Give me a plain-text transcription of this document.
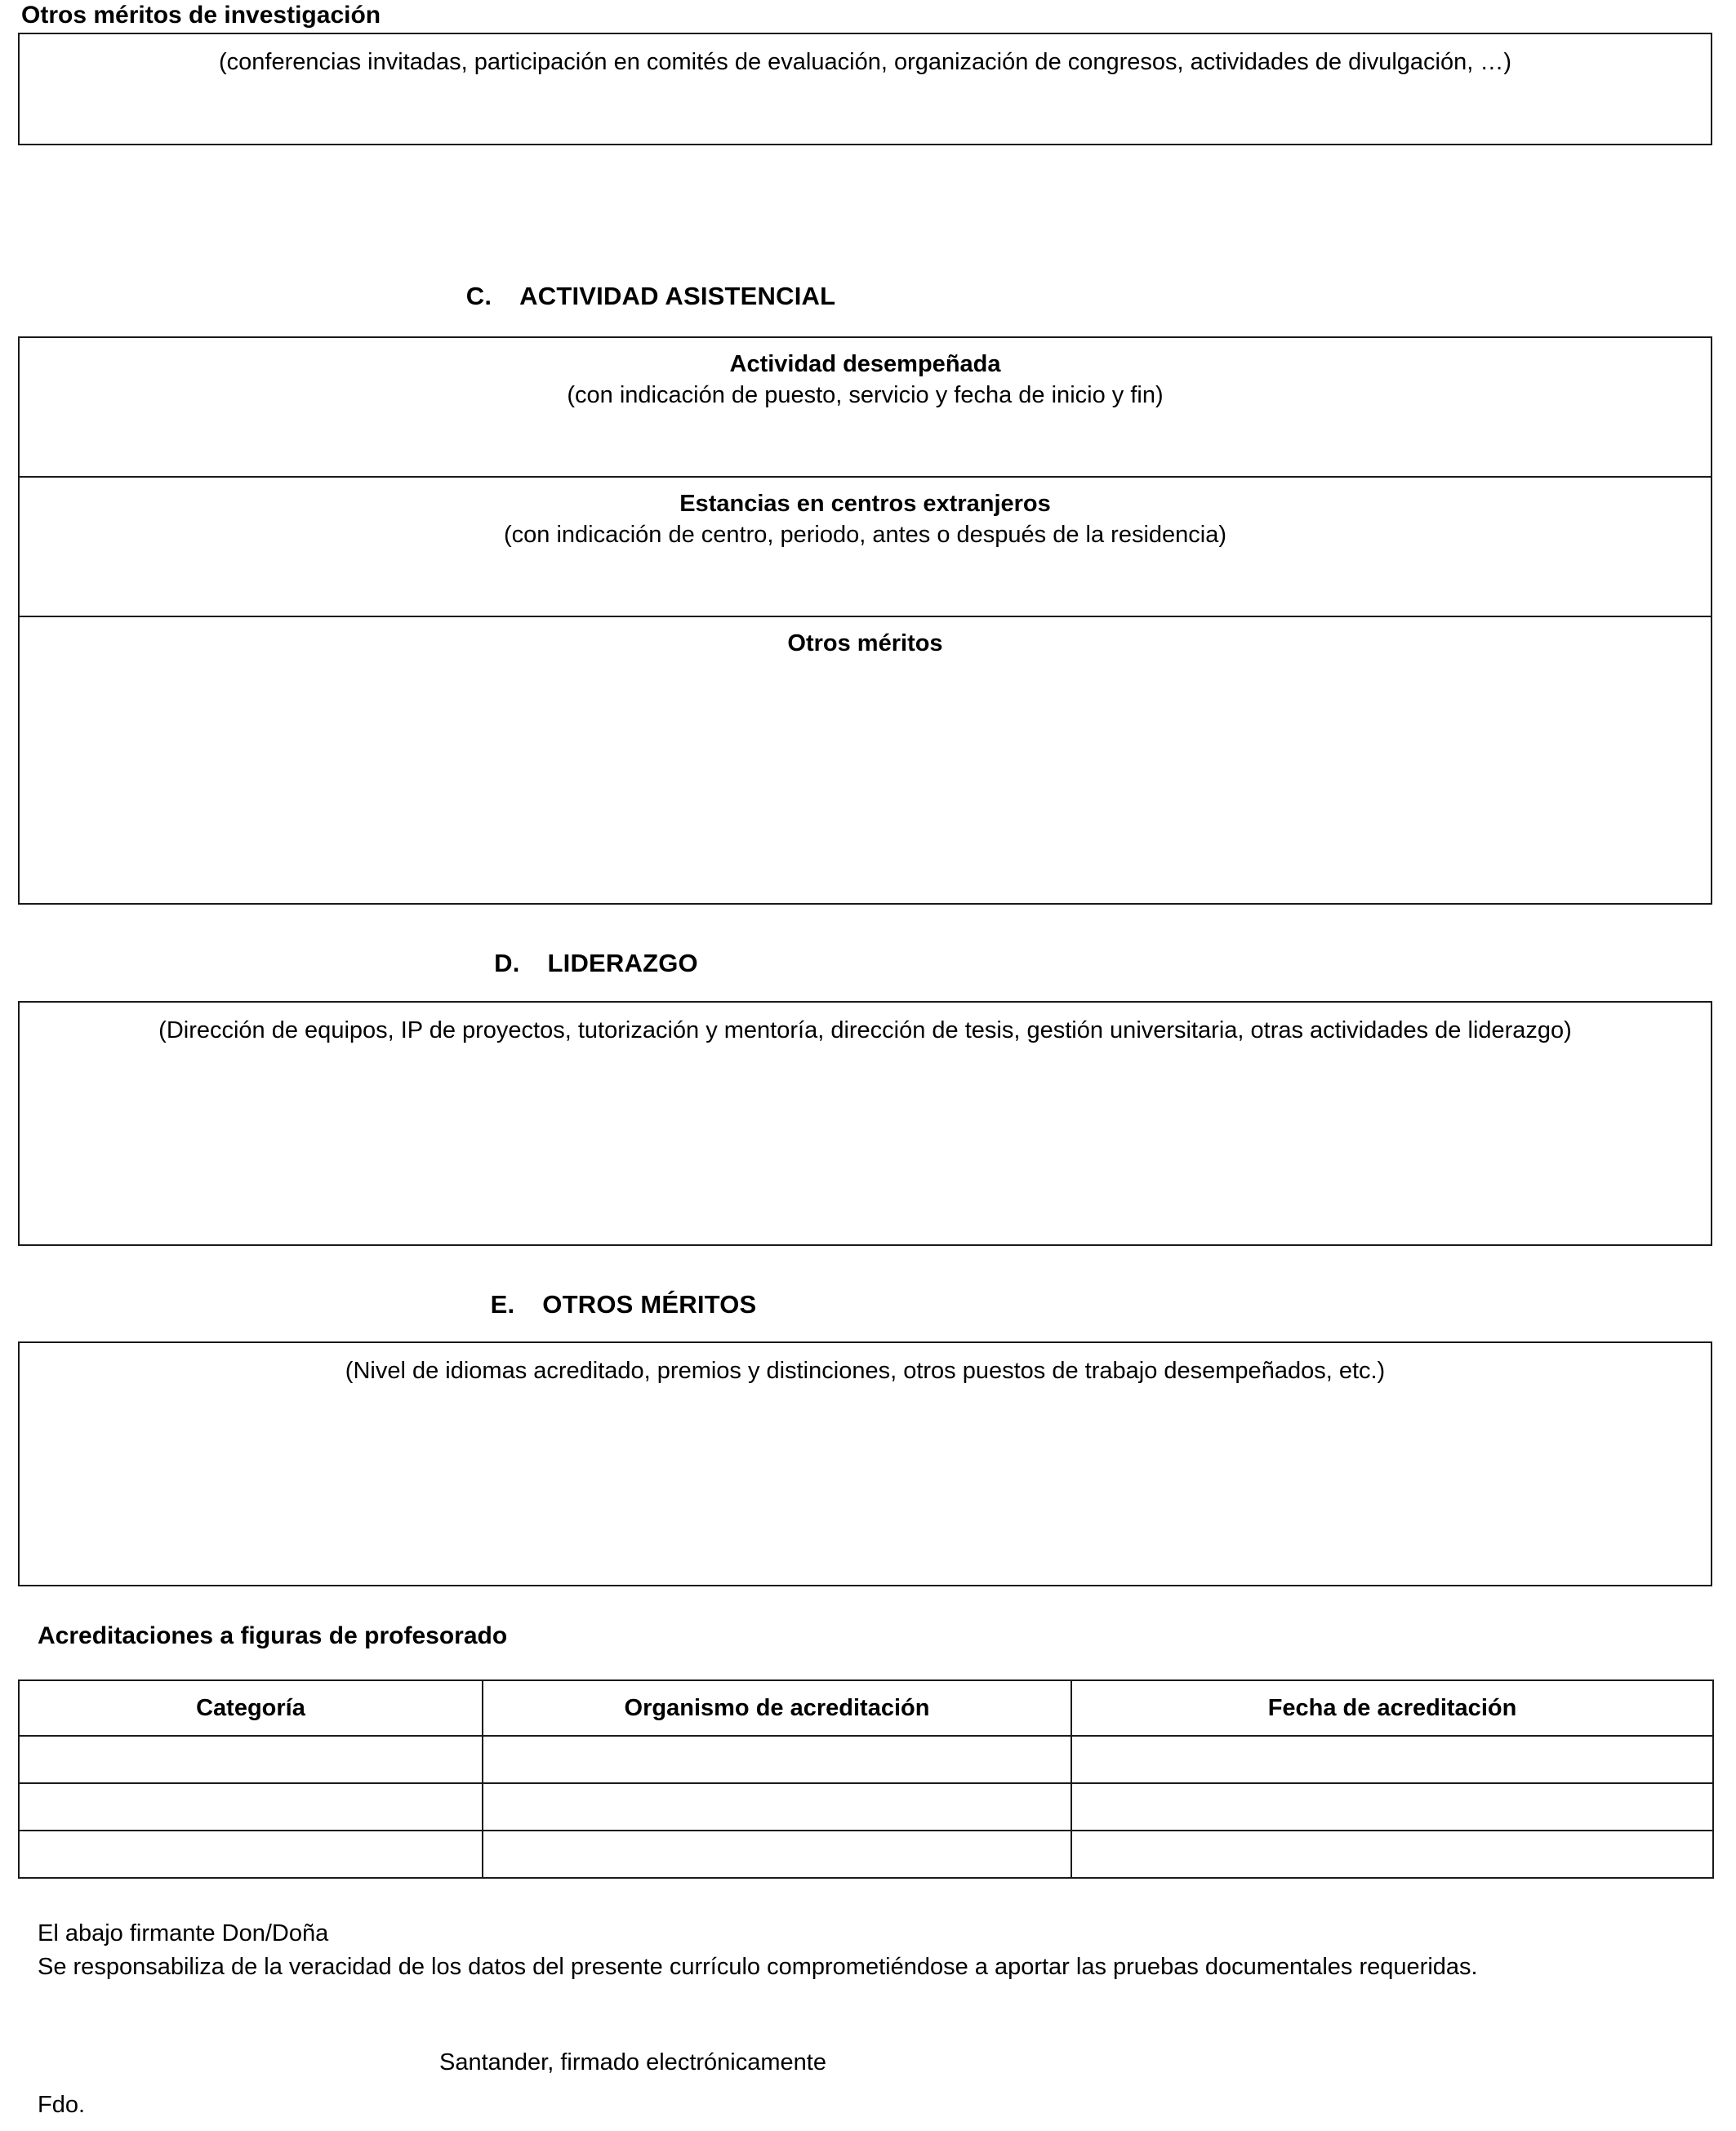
Otros méritos de investigación
(conferencias invitadas, participación en comités de evaluación, organización de congresos, actividades de divulgación, …)
C. ACTIVIDAD ASISTENCIAL
Actividad desempeñada
(con indicación de puesto, servicio y fecha de inicio y fin)
Estancias en centros extranjeros
(con indicación de centro, periodo, antes o después de la residencia)
Otros méritos
D. LIDERAZGO
(Dirección de equipos, IP de proyectos, tutorización y mentoría, dirección de tesis, gestión universitaria, otras actividades de liderazgo)
E. OTROS MÉRITOS
(Nivel de idiomas acreditado, premios y distinciones, otros puestos de trabajo desempeñados, etc.)
Acreditaciones a figuras de profesorado
Categoría	Organismo de acreditación	Fecha de acreditación

El abajo firmante Don/Doña
Se responsabiliza de la veracidad de los datos del presente currículo comprometiéndose a aportar las pruebas documentales requeridas.
Santander, firmado electrónicamente
Fdo.
